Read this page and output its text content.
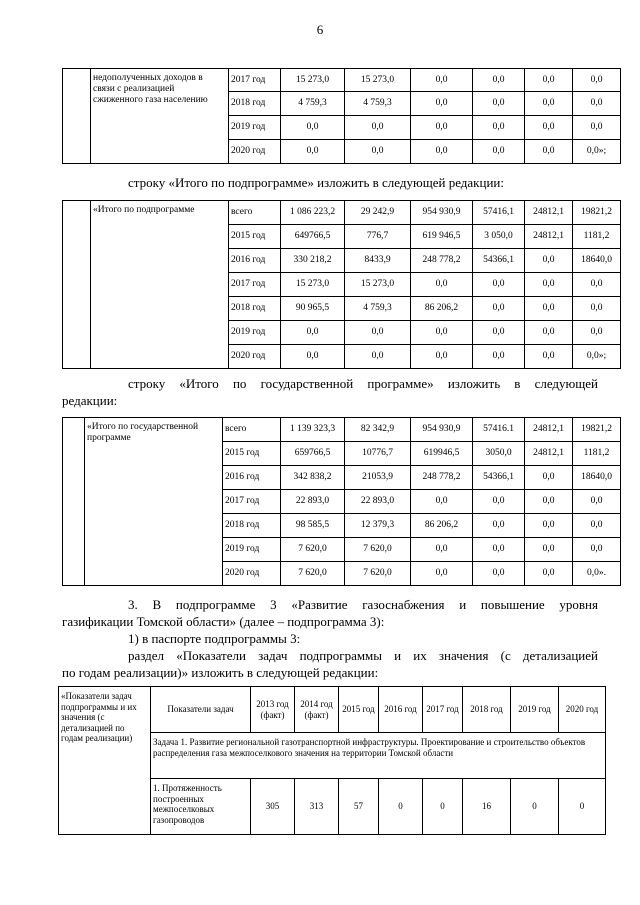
6
	недополученных доходов в связи с реализацией сжиженного газа населению	2017 год	15 273,0	15 273,0	0,0	0,0	0,0	0,0
		2018 год	4 759,3	4 759,3	0,0	0,0	0,0	0,0
		2019 год	0,0	0,0	0,0	0,0	0,0	0,0
		2020 год	0,0	0,0	0,0	0,0	0,0	0,0»;
строку «Итого по подпрограмме» изложить в следующей редакции:
	«Итого по подпрограмме	всего	1 086 223,2	29 242,9	954 930,9	57416,1	24812,1	19821,2
		2015 год	649766,5	776,7	619 946,5	3 050,0	24812,1	1181,2
		2016 год	330 218,2	8433,9	248 778,2	54366,1	0,0	18640,0
		2017 год	15 273,0	15 273,0	0,0	0,0	0,0	0,0
		2018 год	90 965,5	4 759,3	86 206,2	0,0	0,0	0,0
		2019 год	0,0	0,0	0,0	0,0	0,0	0,0
		2020 год	0,0	0,0	0,0	0,0	0,0	0,0»;
строку «Итого по государственной программе» изложить в следующей
редакции:
	«Итого по государственной программе	всего	1 139 323,3	82 342,9	954 930,9	57416.1	24812,1	19821,2
		2015 год	659766,5	10776,7	619946,5	3050,0	24812,1	1181,2
		2016 год	342 838,2	21053,9	248 778,2	54366,1	0,0	18640,0
		2017 год	22 893,0	22 893,0	0,0	0,0	0,0	0,0
		2018 год	98 585,5	12 379,3	86 206,2	0,0	0,0	0,0
		2019 год	7 620,0	7 620,0	0,0	0,0	0,0	0,0
		2020 год	7 620,0	7 620,0	0,0	0,0	0,0	0,0».
3. В подпрограмме 3 «Развитие газоснабжения и повышение уровня
газификации Томской области» (далее – подпрограмма 3):
1) в паспорте подпрограммы 3:
раздел «Показатели задач подпрограммы и их значения (с детализацией
по годам реализации)» изложить в следующей редакции:
«Показатели задач подпрограммы и их значения (с детализацией по годам реализации)	Показатели задач	2013 год (факт)	2014 год (факт)	2015 год	2016 год	2017 год	2018 год	2019 год	2020 год
	Задача 1. Развитие региональной газотранспортной инфраструктуры. Проектирование и строительство объектов распределения газа межпоселкового значения на территории Томской области								
	1. Протяженность построенных межпоселковых газопроводов	305	313	57	0	0	16	0	0
